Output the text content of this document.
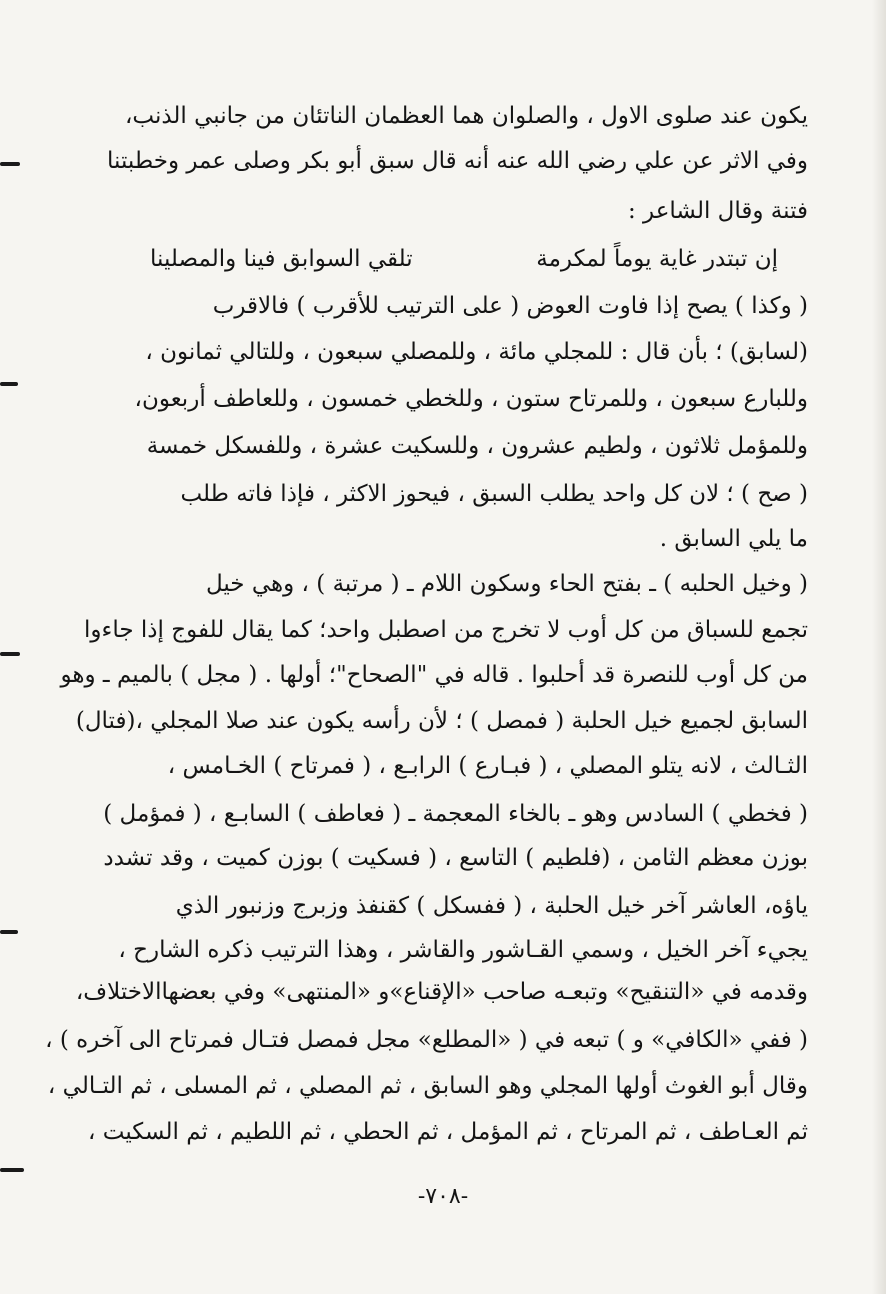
يكون عند صلوى الاول ، والصلوان هما العظمان الناتئان من جانبي الذنب،
وفي الاثر عن علي رضي الله عنه أنه قال سبق أبو بكر وصلى عمر وخطبتنا
فتنة وقال الشاعر :
إن تبتدر غاية يوماً لمكرمة
تلقي السوابق فينا والمصلينا
( وكذا ) يصح إذا فاوت العوض ( على الترتيب للأقرب ) فالاقرب
(لسابق) ؛ بأن قال : للمجلي مائة ، وللمصلي سبعون ، وللتالي ثمانون ،
وللبارع سبعون ، وللمرتاح ستون ، وللخطي خمسون ، وللعاطف أربعون،
وللمؤمل ثلاثون ، ولطيم عشرون ، وللسكيت عشرة ، وللفسكل خمسة
( صح ) ؛ لان كل واحد يطلب السبق ، فيحوز الاكثر ، فإذا فاته طلب
ما يلي السابق .
( وخيل الحلبه ) ـ بفتح الحاء وسكون اللام ـ ( مرتبة ) ، وهي خيل
تجمع للسباق من كل أوب لا تخرج من اصطبل واحد؛ كما يقال للفوج إذا جاءوا
من كل أوب للنصرة قد أحلبوا . قاله في "الصحاح"؛ أولها . ( مجل ) بالميم ـ وهو
السابق لجميع خيل الحلبة ( فمصل ) ؛ لأن رأسه يكون عند صلا المجلي ،(فتال)
الثـالث ، لانه يتلو المصلي ، ( فبـارع ) الرابـع ، ( فمرتاح ) الخـامس ،
( فخطي ) السادس وهو ـ بالخاء المعجمة ـ ( فعاطف ) السابـع ، ( فمؤمل )
بوزن معظم الثامن ، (فلطيم ) التاسع ، ( فسكيت ) بوزن كميت ، وقد تشدد
ياؤه، العاشر آخر خيل الحلبة ، ( ففسكل ) كقنفذ وزبرج وزنبور الذي
يجيء آخر الخيل ، وسمي القـاشور والقاشر ، وهذا الترتيب ذكره الشارح ،
وقدمه في «التنقيح» وتبعـه صاحب «الإقناع»و «المنتهى» وفي بعضهاالاختلاف،
( ففي «الكافي» و ) تبعه في ( «المطلع» مجل فمصل فتـال فمرتاح الى آخره ) ،
وقال أبو الغوث أولها المجلي وهو السابق ، ثم المصلي ، ثم المسلى ، ثم التـالي ،
ثم العـاطف ، ثم المرتاح ، ثم المؤمل ، ثم الحطي ، ثم اللطيم ، ثم السكيت ،
-٧٠٨-
